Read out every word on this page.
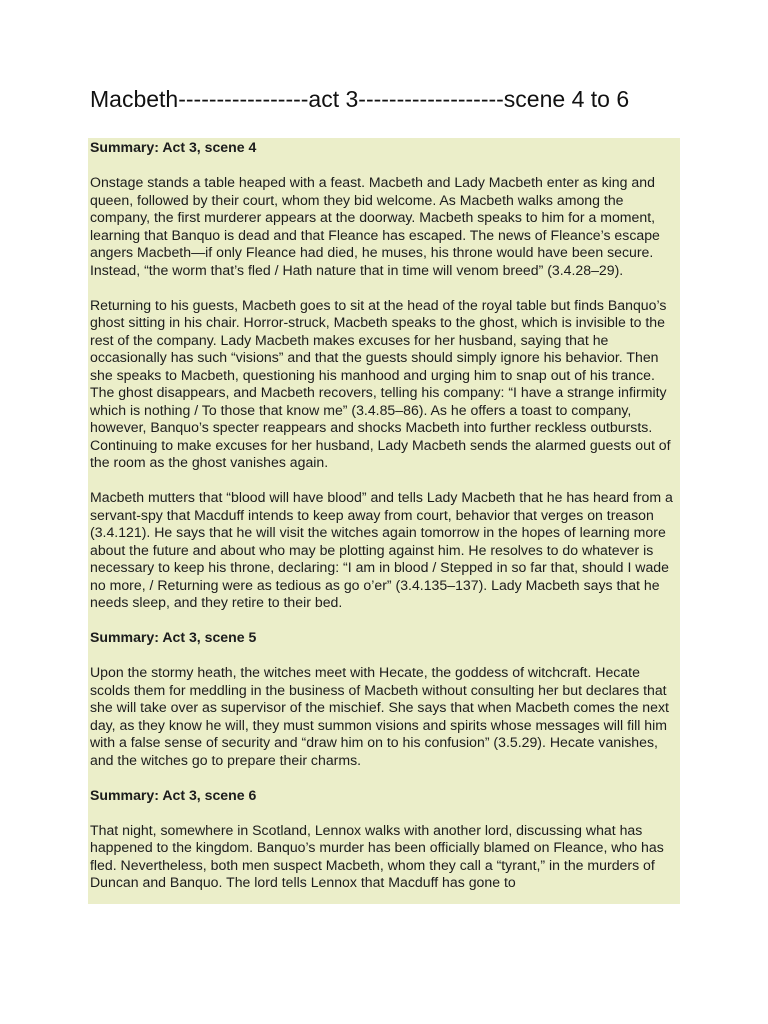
Macbeth-----------------act 3-------------------scene 4 to 6
Summary: Act 3, scene 4

Onstage stands a table heaped with a feast. Macbeth and Lady Macbeth enter as king and queen, followed by their court, whom they bid welcome. As Macbeth walks among the company, the first murderer appears at the doorway. Macbeth speaks to him for a moment, learning that Banquo is dead and that Fleance has escaped. The news of Fleance’s escape angers Macbeth—if only Fleance had died, he muses, his throne would have been secure. Instead, “the worm that’s fled / Hath nature that in time will venom breed” (3.4.28–29).

Returning to his guests, Macbeth goes to sit at the head of the royal table but finds Banquo’s ghost sitting in his chair. Horror-struck, Macbeth speaks to the ghost, which is invisible to the rest of the company. Lady Macbeth makes excuses for her husband, saying that he occasionally has such “visions” and that the guests should simply ignore his behavior. Then she speaks to Macbeth, questioning his manhood and urging him to snap out of his trance. The ghost disappears, and Macbeth recovers, telling his company: “I have a strange infirmity which is nothing / To those that know me” (3.4.85–86). As he offers a toast to company, however, Banquo’s specter reappears and shocks Macbeth into further reckless outbursts. Continuing to make excuses for her husband, Lady Macbeth sends the alarmed guests out of the room as the ghost vanishes again.

Macbeth mutters that “blood will have blood” and tells Lady Macbeth that he has heard from a servant-spy that Macduff intends to keep away from court, behavior that verges on treason (3.4.121). He says that he will visit the witches again tomorrow in the hopes of learning more about the future and about who may be plotting against him. He resolves to do whatever is necessary to keep his throne, declaring: “I am in blood / Stepped in so far that, should I wade no more, / Returning were as tedious as go o’er” (3.4.135–137). Lady Macbeth says that he needs sleep, and they retire to their bed.

Summary: Act 3, scene 5

Upon the stormy heath, the witches meet with Hecate, the goddess of witchcraft. Hecate scolds them for meddling in the business of Macbeth without consulting her but declares that she will take over as supervisor of the mischief. She says that when Macbeth comes the next day, as they know he will, they must summon visions and spirits whose messages will fill him with a false sense of security and “draw him on to his confusion” (3.5.29). Hecate vanishes, and the witches go to prepare their charms.

Summary: Act 3, scene 6

That night, somewhere in Scotland, Lennox walks with another lord, discussing what has happened to the kingdom. Banquo’s murder has been officially blamed on Fleance, who has fled. Nevertheless, both men suspect Macbeth, whom they call a “tyrant,” in the murders of Duncan and Banquo. The lord tells Lennox that Macduff has gone to
